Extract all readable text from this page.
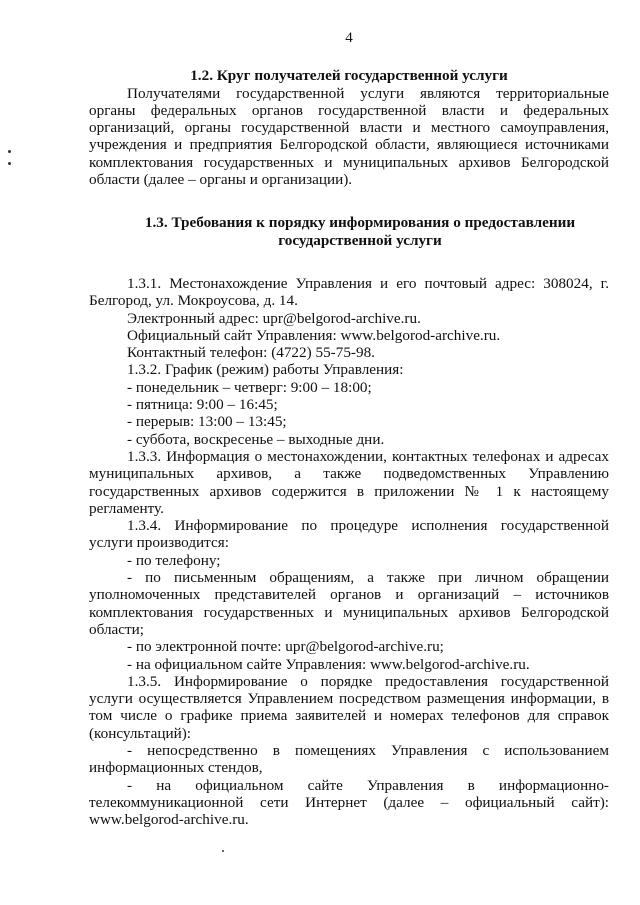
4
1.2. Круг получателей государственной услуги

Получателями государственной услуги являются территориальные органы федеральных органов государственной власти и федеральных организаций, органы государственной власти и местного самоуправления, учреждения и предприятия Белгородской области, являющиеся источниками комплектования государственных и муниципальных архивов Белгородской области (далее – органы и организации).

1.3. Требования к порядку информирования о предоставлении государственной услуги

1.3.1. Местонахождение Управления и его почтовый адрес: 308024, г. Белгород, ул. Мокроусова, д. 14.

Электронный адрес: upr@belgorod-archive.ru.

Официальный сайт Управления: www.belgorod-archive.ru.

Контактный телефон: (4722) 55-75-98.

1.3.2. График (режим) работы Управления:

- понедельник – четверг: 9:00 – 18:00;

- пятница: 9:00 – 16:45;

- перерыв: 13:00 – 13:45;

- суббота, воскресенье – выходные дни.

1.3.3. Информация о местонахождении, контактных телефонах и адресах муниципальных архивов, а также подведомственных Управлению государственных архивов содержится в приложении № 1 к настоящему регламенту.

1.3.4. Информирование по процедуре исполнения государственной услуги производится:

- по телефону;

- по письменным обращениям, а также при личном обращении уполномоченных представителей органов и организаций – источников комплектования государственных и муниципальных архивов Белгородской области;

- по электронной почте: upr@belgorod-archive.ru;

- на официальном сайте Управления: www.belgorod-archive.ru.

1.3.5. Информирование о порядке предоставления государственной услуги осуществляется Управлением посредством размещения информации, в том числе о графике приема заявителей и номерах телефонов для справок (консультаций):

- непосредственно в помещениях Управления с использованием информационных стендов,

- на официальном сайте Управления в информационно-телекоммуникационной сети Интернет (далее – официальный сайт): www.belgorod-archive.ru.
